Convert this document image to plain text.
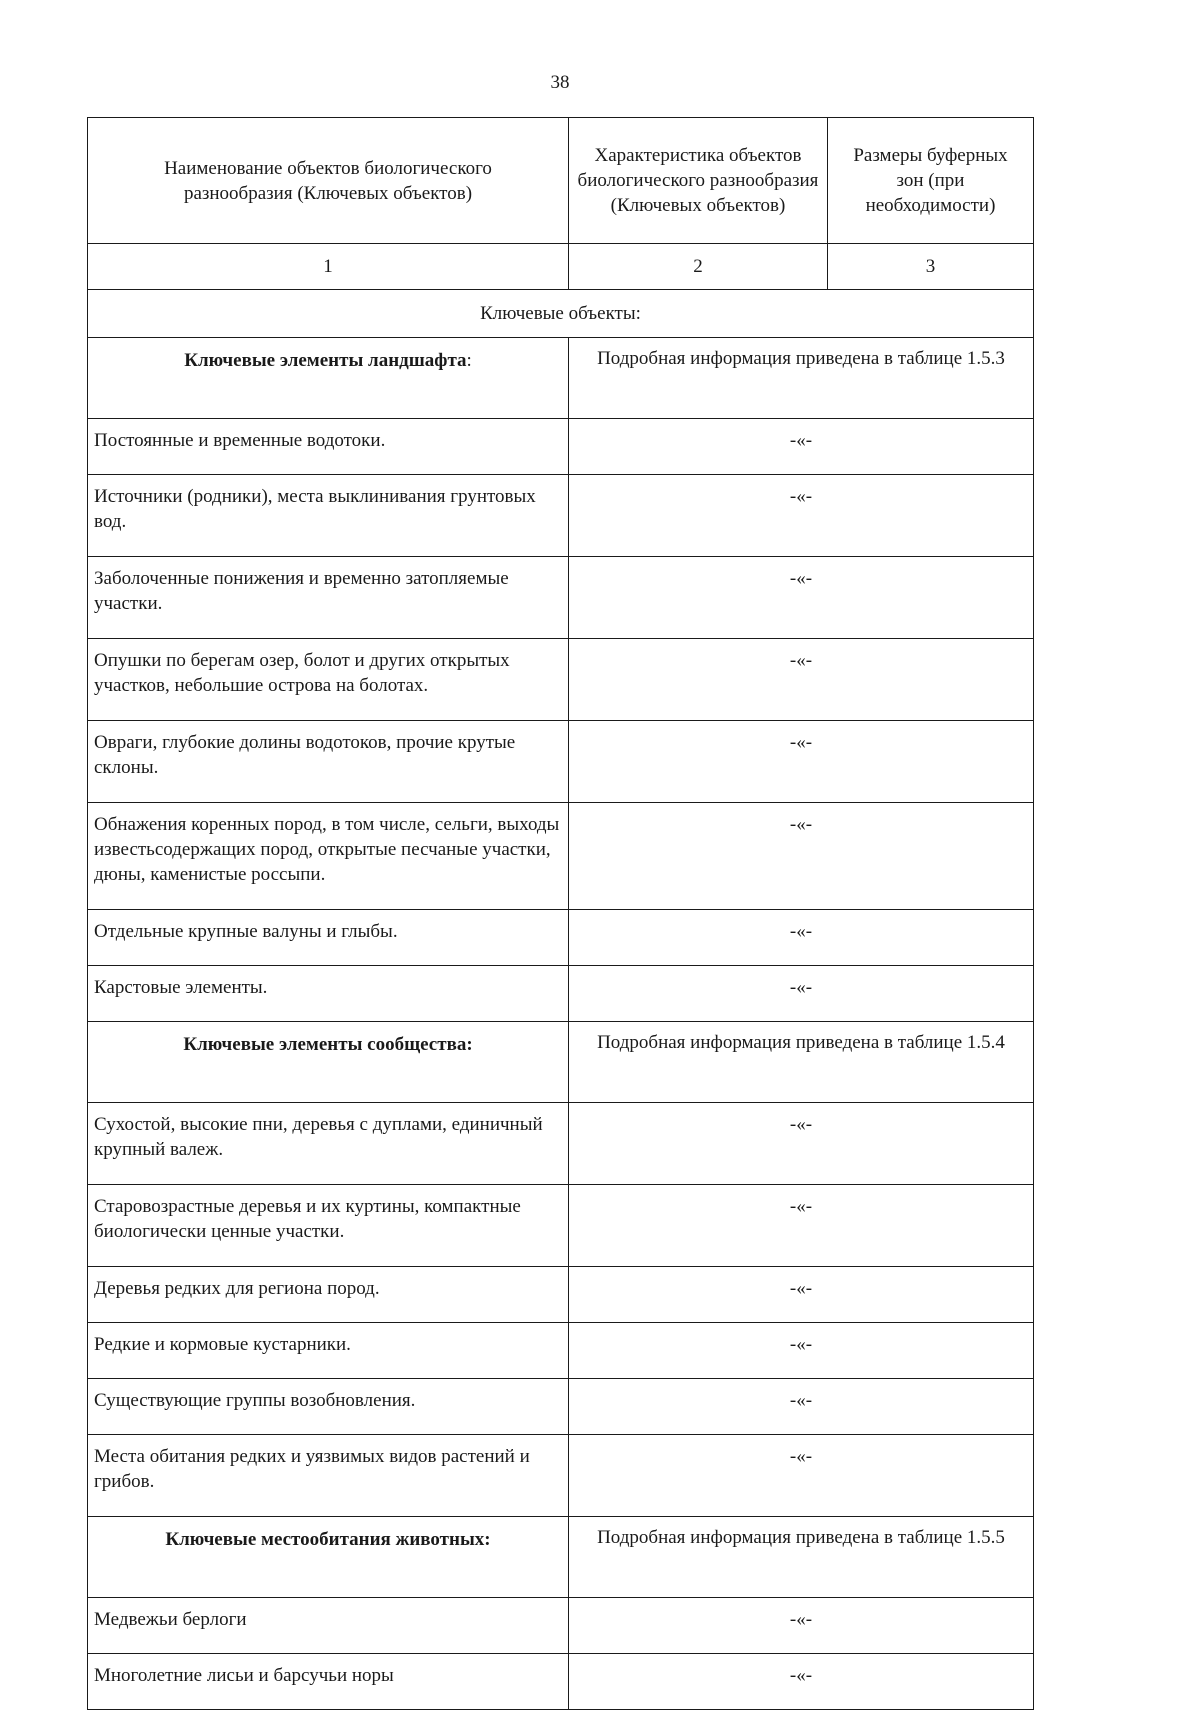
38
Наименование объектов биологического разнообразия (Ключевых объектов)	Характеристика объектов биологического разнообразия (Ключевых объектов)	Размеры буферных зон (при необходимости)

1	2	3
Ключевые объекты:		
Ключевые элементы ландшафта:	Подробная информация приведена в таблице 1.5.3	
Постоянные и временные водотоки.	-«-	
Источники (родники), места выклинивания грунтовых вод.	-«-	
Заболоченные понижения и временно затопляемые участки.	-«-	
Опушки по берегам озер, болот и других открытых участков, небольшие острова на болотах.	-«-	
Овраги, глубокие долины водотоков, прочие крутые склоны.	-«-	
Обнажения коренных пород, в том числе, сельги, выходы известьсодержащих пород, открытые песчаные участки, дюны, каменистые россыпи.	-«-	
Отдельные крупные валуны и глыбы.	-«-	
Карстовые элементы.	-«-	
Ключевые элементы сообщества:	Подробная информация приведена в таблице 1.5.4	
Сухостой, высокие пни, деревья с дуплами, единичный крупный валеж.	-«-	
Старовозрастные деревья и их куртины, компактные биологически ценные участки.	-«-	
Деревья редких для региона пород.	-«-	
Редкие и кормовые кустарники.	-«-	
Существующие группы возобновления.	-«-	
Места обитания редких и уязвимых видов растений и грибов.	-«-	
Ключевые местообитания животных:	Подробная информация приведена в таблице 1.5.5	
Медвежьи берлоги	-«-	
Многолетние лисьи и барсучьи норы	-«-	
